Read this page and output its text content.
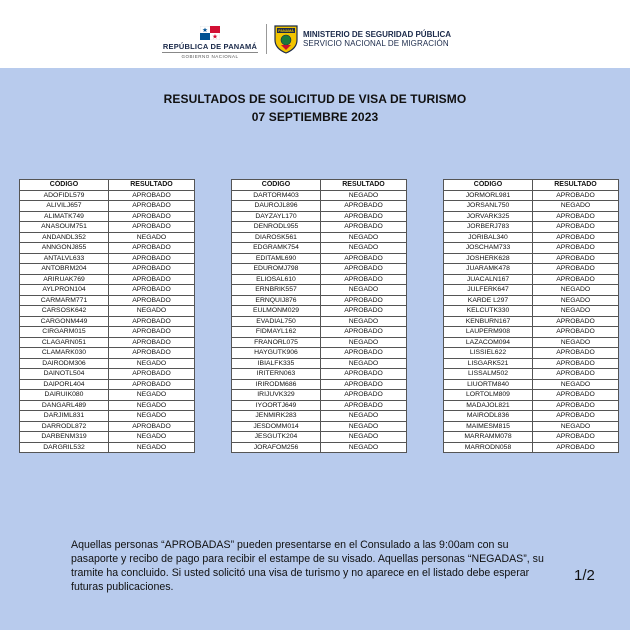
REPÚBLICA DE PANAMÁ
GOBIERNO NACIONAL
PANAMÁ MINISTERIO DE SEGURIDAD PÚBLICA
SERVICIO NACIONAL DE MIGRACIÓN
RESULTADOS DE SOLICITUD DE VISA DE TURISMO
07 SEPTIEMBRE 2023
CÓDIGO	RESULTADO
ADOFIDL579	APROBADO
ALIVILJ657	APROBADO
ALIMATK749	APROBADO
ANASOUM751	APROBADO
ANDANDL352	NEGADO
ANNGONJ855	APROBADO
ANTALVL633	APROBADO
ANTOBRM204	APROBADO
ARIRUAK769	APROBADO
AYLPRON104	APROBADO
CARMARM771	APROBADO
CARSOSK642	NEGADO
CARGONM449	APROBADO
CIRGARM015	APROBADO
CLAGARN051	APROBADO
CLAMARK030	APROBADO
DAIRODM306	NEGADO
DAINOTL504	APROBADO
DAIPORL404	APROBADO
DAIRUIK080	NEGADO
DANGARL489	NEGADO
DARJIML831	NEGADO
DARRODL872	APROBADO
DARBENM319	NEGADO
DARGRIL532	NEGADO
CÓDIGO	RESULTADO
DARTORM403	NEGADO
DAUROJL896	APROBADO
DAYZAYL170	APROBADO
DENRODL955	APROBADO
DIAROSK561	NEGADO
EDGRAMK754	NEGADO
EDITAML690	APROBADO
EDUROMJ798	APROBADO
ELIOSAL610	APROBADO
ERNBRIK557	NEGADO
ERNQUIJ876	APROBADO
EULMONM029	APROBADO
EVADIAL750	NEGADO
FIDMAYL162	APROBADO
FRANORL075	NEGADO
HAYGUTK906	APROBADO
IBIALFK335	NEGADO
IRITERN063	APROBADO
IRIRODM686	APROBADO
IRIJUVK329	APROBADO
IYOORTJ649	APROBADO
JENMIRK283	NEGADO
JESDOMM014	NEGADO
JESGUTK204	NEGADO
JORAFOM256	NEGADO
CÓDIGO	RESULTADO
JORMORL981	APROBADO
JORSANL750	NEGADO
JORVARK325	APROBADO
JORBERJ783	APROBADO
JORIBAL340	APROBADO
JOSCHAM733	APROBADO
JOSHERK628	APROBADO
JUARAMK478	APROBADO
JUACALN167	APROBADO
JULFERK647	NEGADO
KARDE L297	NEGADO
KELCUTK330	NEGADO
KENBURN167	APROBADO
LAUPERM908	APROBADO
LAZACOM094	NEGADO
LISSIEL622	APROBADO
LISGARK521	APROBADO
LISSALM502	APROBADO
LIUORTM840	NEGADO
LORTOLM809	APROBADO
MADAJOL821	APROBADO
MAIRODL836	APROBADO
MAIMESM815	NEGADO
MARRAMM078	APROBADO
MARRODN058	APROBADO
Aquellas personas “APROBADAS” pueden presentarse en el Consulado a las 9:00am con su pasaporte y recibo de pago para recibir el estampe de su visado. Aquellas personas “NEGADAS”, su tramite ha concluido. Si usted solicitó una visa de turismo y no aparece en el listado debe esperar futuras publicaciones.
1/2
